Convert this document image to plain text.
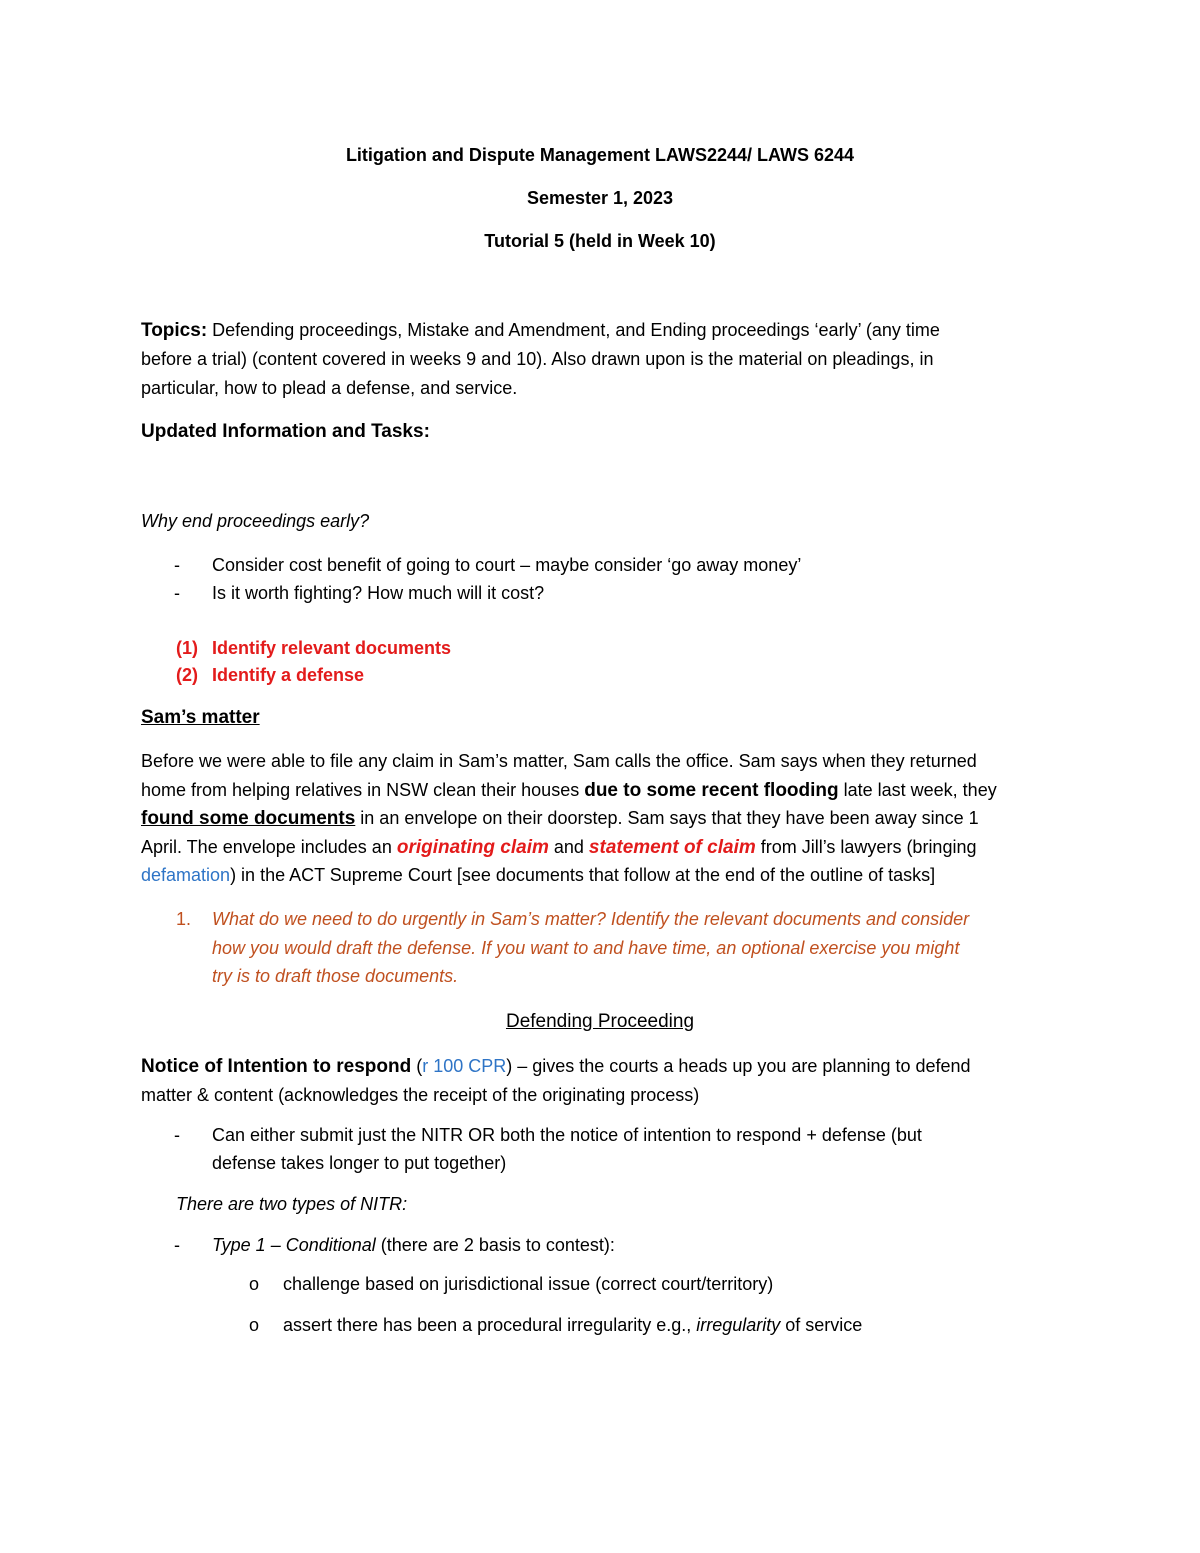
Litigation and Dispute Management LAWS2244/ LAWS 6244
Semester 1, 2023
Tutorial 5 (held in Week 10)
Topics: Defending proceedings, Mistake and Amendment, and Ending proceedings ‘early’ (any time
before a trial) (content covered in weeks 9 and 10). Also drawn upon is the material on pleadings, in
particular, how to plead a defense, and service.
Updated Information and Tasks:
Why end proceedings early?
- Consider cost benefit of going to court – maybe consider ‘go away money’
- Is it worth fighting? How much will it cost?
(1) Identify relevant documents
(2) Identify a defense
Sam’s matter
Before we were able to file any claim in Sam’s matter, Sam calls the office. Sam says when they returned
home from helping relatives in NSW clean their houses due to some recent flooding late last week, they
found some documents in an envelope on their doorstep. Sam says that they have been away since 1
April. The envelope includes an originating claim and statement of claim from Jill’s lawyers (bringing
defamation) in the ACT Supreme Court [see documents that follow at the end of the outline of tasks]
1. What do we need to do urgently in Sam’s matter? Identify the relevant documents and consider
how you would draft the defense. If you want to and have time, an optional exercise you might
try is to draft those documents.
Defending Proceeding
Notice of Intention to respond (r 100 CPR) – gives the courts a heads up you are planning to defend
matter & content (acknowledges the receipt of the originating process)
- Can either submit just the NITR OR both the notice of intention to respond + defense (but
defense takes longer to put together)
There are two types of NITR:
- Type 1 – Conditional (there are 2 basis to contest):
o challenge based on jurisdictional issue (correct court/territory)
o assert there has been a procedural irregularity e.g., irregularity of service
